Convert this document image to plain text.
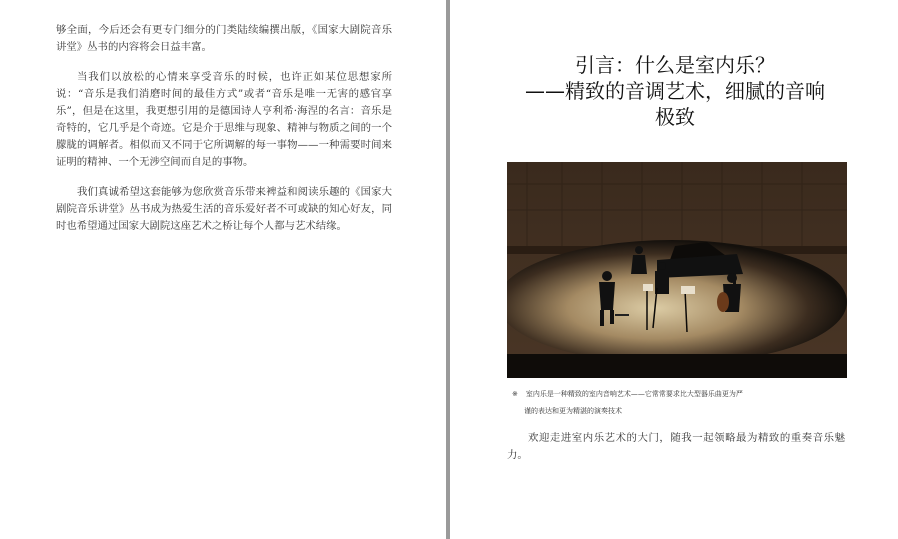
够全面，今后还会有更专门细分的门类陆续编撰出版，《国家大剧院音乐讲堂》丛书的内容将会日益丰富。

当我们以放松的心情来享受音乐的时候，也许正如某位思想家所说：“音乐是我们消磨时间的最佳方式”或者“音乐是唯一无害的感官享乐”，但是在这里，我更想引用的是德国诗人亨利希·海涅的名言：音乐是奇特的，它几乎是个奇迹。它是介于思维与现象、精神与物质之间的一个朦胧的调解者。相似而又不同于它所调解的每一事物——一种需要时间来证明的精神、一个无涉空间而自足的事物。

我们真诚希望这套能够为您欣赏音乐带来裨益和阅读乐趣的《国家大剧院音乐讲堂》丛书成为热爱生活的音乐爱好者不可或缺的知心好友，同时也希望通过国家大剧院这座艺术之桥让每个人都与艺术结缘。

引言：什么是室内乐？
——精致的音调艺术，细腻的音响
极致
※ 室内乐是一种精致的室内音响艺术——它常常要求比大型器乐曲更为严
谨的表达和更为精湛的演奏技术

欢迎走进室内乐艺术的大门，随我一起领略最为精致的重奏音乐魅力。
